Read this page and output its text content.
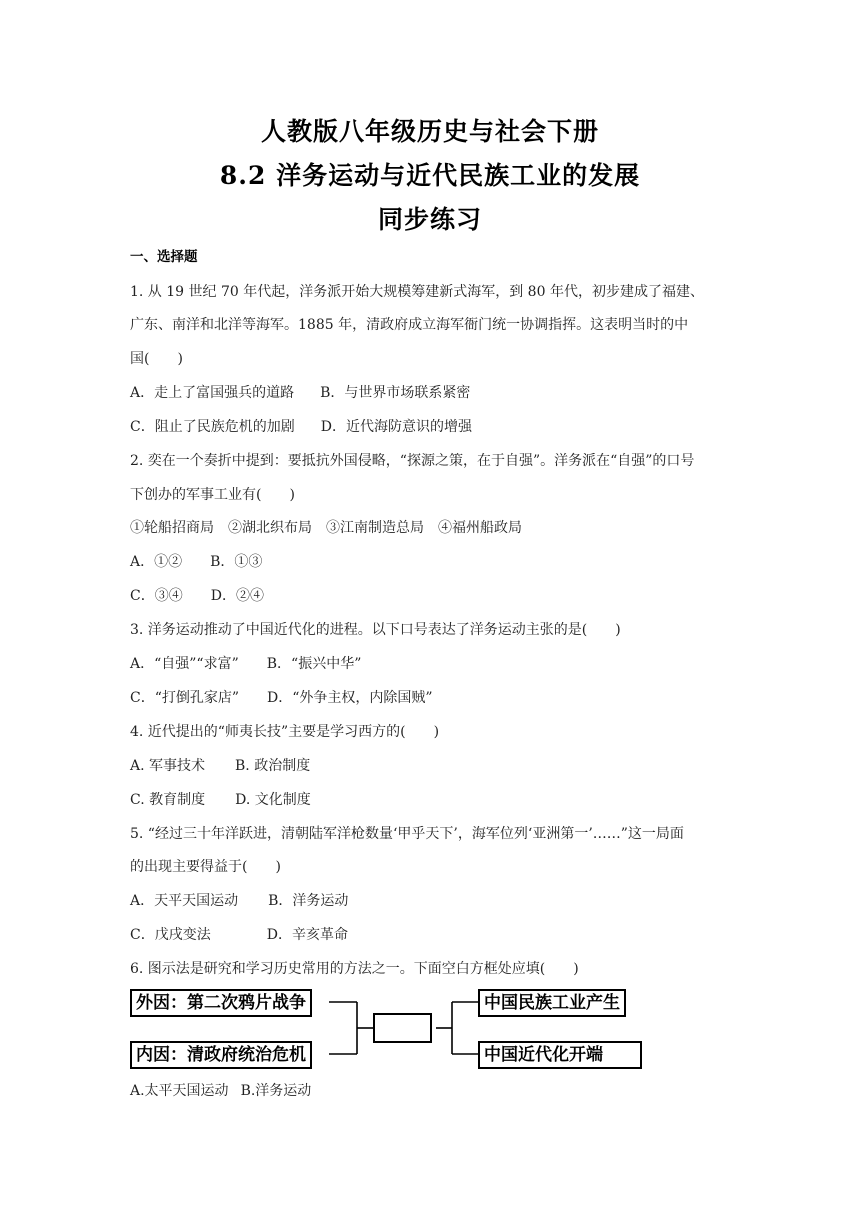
人教版八年级历史与社会下册
8.2 洋务运动与近代民族工业的发展
同步练习
一、选择题
1. 从 19 世纪 70 年代起，洋务派开始大规模筹建新式海军，到 80 年代，初步建成了福建、
广东、南洋和北洋等海军。1885 年，清政府成立海军衙门统一协调指挥。这表明当时的中
国(　　)
A．走上了富国强兵的道路 B．与世界市场联系紧密
C．阻止了民族危机的加剧 D．近代海防意识的增强
2. 奕在一个奏折中提到：要抵抗外国侵略，“探源之策，在于自强”。洋务派在“自强”的口号
下创办的军事工业有(　　)
①轮船招商局　②湖北织布局　③江南制造总局　④福州船政局
A．①② B．①③
C．③④ D．②④
3. 洋务运动推动了中国近代化的进程。以下口号表达了洋务运动主张的是(　　)
A．“自强”“求富” B．“振兴中华”
C．“打倒孔家店” D．“外争主权，内除国贼”
4. 近代提出的“师夷长技”主要是学习西方的(　　)
A. 军事技术 B. 政治制度
C. 教育制度 D. 文化制度
5. “经过三十年洋跃进，清朝陆军洋枪数量‘甲乎天下’，海军位列‘亚洲第一’……”这一局面
的出现主要得益于(　　)
A．天平天国运动 B．洋务运动
C．戊戌变法	D．辛亥革命
6. 图示法是研究和学习历史常用的方法之一。下面空白方框处应填(　　)
外因：第二次鸦片战争
内因：清政府统治危机
中国民族工业产生
中国近代化开端
A.太平天国运动 B.洋务运动
